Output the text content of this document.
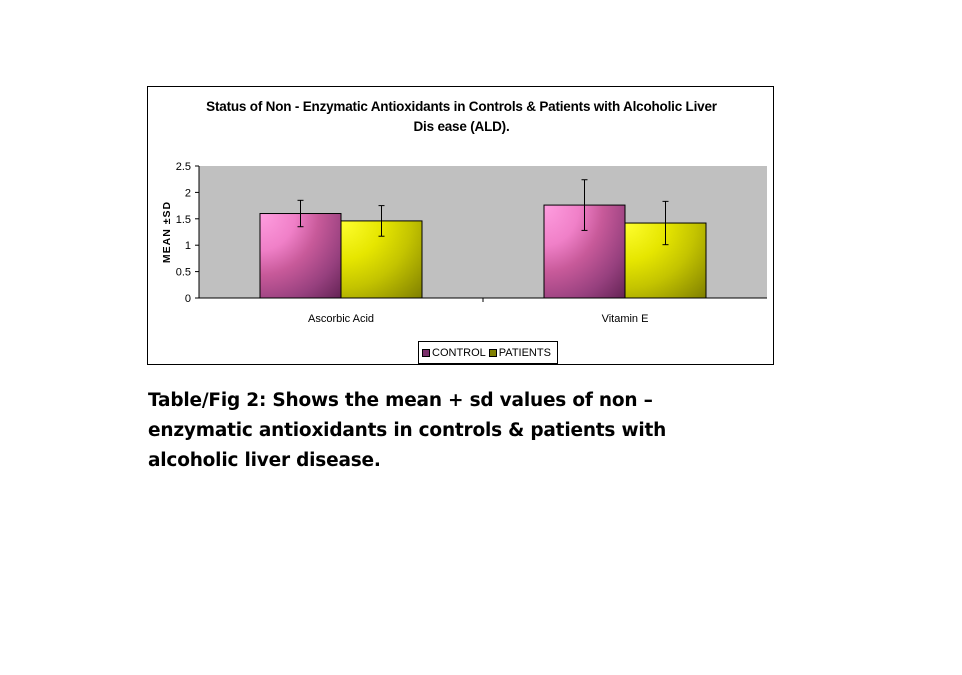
Status of Non - Enzymatic Antioxidants in Controls & Patients with Alcoholic Liver
Dis ease (ALD).
0
0.5
1
1.5
2
2.5
MEAN ±SD
Ascorbic Acid	Vitamin E
CONTROL PATIENTS
Table/Fig 2: Shows the mean + sd values of non –
enzymatic antioxidants in controls & patients with
alcoholic liver disease.
